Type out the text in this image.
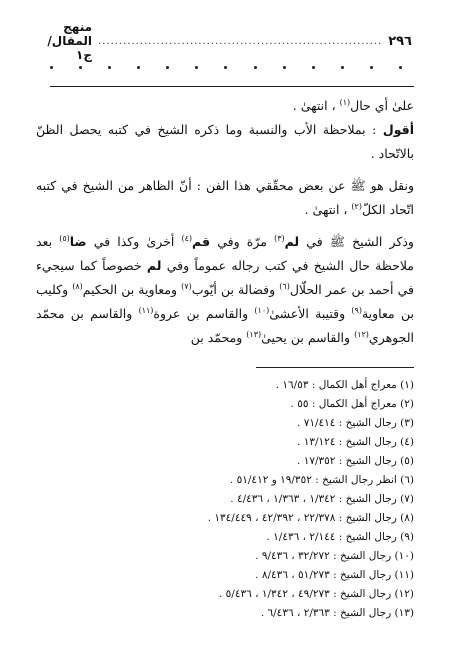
٢٩٦
....................................................................
منهج المقال/ج١

علىٰ أي حال$^{(١)}$ ، انتهىٰ .

أقول : بملاحظة الأب والنسبة وما ذكره الشيخ في كتبه يحصل الظنّ بالاتّحاد .

ونقل هو ﷺ عن بعض محقّقي هذا الفن : أنّ الظاهر من الشيخ في كتبه اتّحاد الكلّ$^{(٢)}$ ، انتهىٰ .

وذكر الشيخ ﷺ في لم$^{(٣)}$ مرّة وفي قم$^{(٤)}$ أخرىٰ وكذا في ضا$^{(٥)}$ بعد ملاحظة حال الشيخ في كتب رجاله عموماً وفي لم خصوصاً كما سيجيء في أحمد بن عمر الحلّال$^{(٦)}$ وفضالة بن أيّوب$^{(٧)}$ ومعاوية بن الحكيم$^{(٨)}$ وكليب بن معاوية$^{(٩)}$ وقتيبة الأعشىٰ$^{(١٠)}$ والقاسم بن عروة$^{(١١)}$ والقاسم بن محمّد الجوهري$^{(١٢)}$ والقاسم بن يحيىٰ$^{(١٣)}$ ومحمّد بن

(١) معراج أهل الكمال : ١٦/٥٣ .
(٢) معراج أهل الكمال : ٥٥ .
(٣) رجال الشيخ : ٧١/٤١٤ .
(٤) رجال الشيخ : ١٣/١٢٤ .
(٥) رجال الشيخ : ١٧/٣٥٢ .
(٦) انظر رجال الشيخ : ١٩/٣٥٢ و ٥١/٤١٢ .
(٧) رجال الشيخ : ١/٣٤٢ ، ١/٣٦٣ ، ٤/٤٣٦ .
(٨) رجال الشيخ : ٢٢/٣٧٨ ، ٤٢/٣٩٢ ، ١٣٤/٤٤٩ .
(٩) رجال الشيخ : ٢/١٤٤ ، ١/٤٣٦ .
(١٠) رجال الشيخ : ٣٢/٢٧٢ ، ٩/٤٣٦ .
(١١) رجال الشيخ : ٥١/٢٧٣ ، ٨/٤٣٦ .
(١٢) رجال الشيخ : ٤٩/٢٧٣ ، ١/٣٤٢ ، ٥/٤٣٦ .
(١٣) رجال الشيخ : ٢/٣٦٣ ، ٦/٤٣٦ .
